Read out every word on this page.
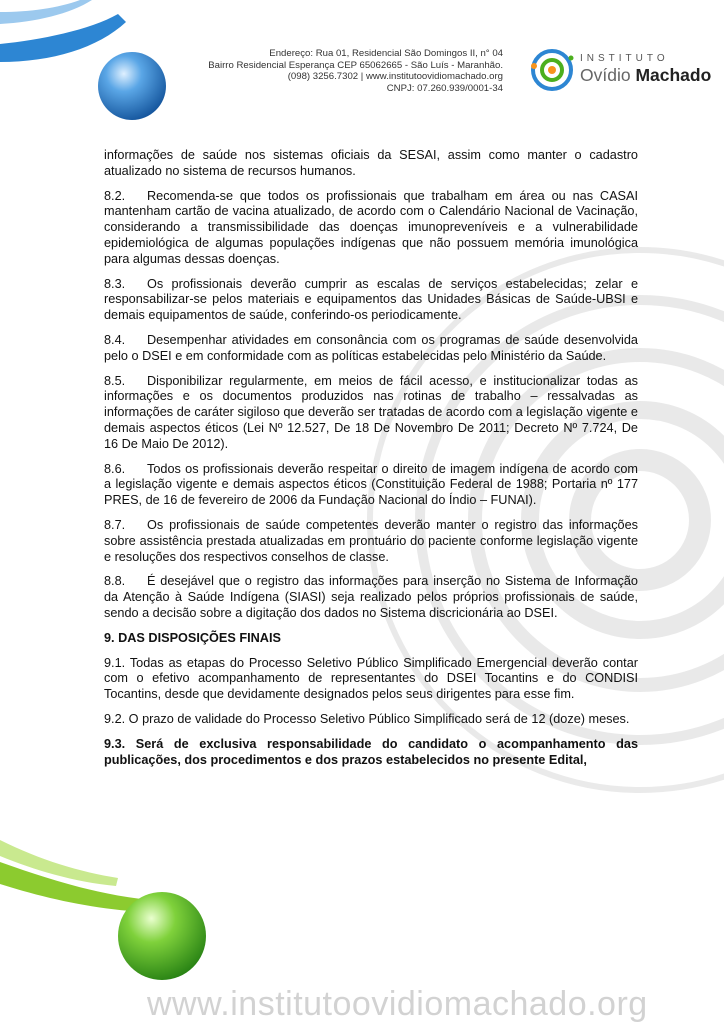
Endereço: Rua 01, Residencial São Domingos II, n° 04
Bairro Residencial Esperança CEP 65062665 - São Luís - Maranhão.
(098) 3256.7302 | www.institutoovidiomachado.org
CNPJ: 07.260.939/0001-34
INSTITUTO
Ovídio Machado

informações de saúde nos sistemas oficiais da SESAI, assim como manter o cadastro atualizado no sistema de recursos humanos.

8.2. Recomenda-se que todos os profissionais que trabalham em área ou nas CASAI mantenham cartão de vacina atualizado, de acordo com o Calendário Nacional de Vacinação, considerando a transmissibilidade das doenças imunopreveníveis e a vulnerabilidade epidemiológica de algumas populações indígenas que não possuem memória imunológica para algumas dessas doenças.

8.3. Os profissionais deverão cumprir as escalas de serviços estabelecidas; zelar e responsabilizar-se pelos materiais e equipamentos das Unidades Básicas de Saúde-UBSI e demais equipamentos de saúde, conferindo-os periodicamente.

8.4. Desempenhar atividades em consonância com os programas de saúde desenvolvida pelo o DSEI e em conformidade com as políticas estabelecidas pelo Ministério da Saúde.

8.5. Disponibilizar regularmente, em meios de fácil acesso, e institucionalizar todas as informações e os documentos produzidos nas rotinas de trabalho – ressalvadas as informações de caráter sigiloso que deverão ser tratadas de acordo com a legislação vigente e demais aspectos éticos (Lei Nº 12.527, De 18 De Novembro De 2011; Decreto Nº 7.724, De 16 De Maio De 2012).

8.6. Todos os profissionais deverão respeitar o direito de imagem indígena de acordo com a legislação vigente e demais aspectos éticos (Constituição Federal de 1988; Portaria nº 177 PRES, de 16 de fevereiro de 2006 da Fundação Nacional do Índio – FUNAI).

8.7. Os profissionais de saúde competentes deverão manter o registro das informações sobre assistência prestada atualizadas em prontuário do paciente conforme legislação vigente e resoluções dos respectivos conselhos de classe.

8.8. É desejável que o registro das informações para inserção no Sistema de Informação da Atenção à Saúde Indígena (SIASI) seja realizado pelos próprios profissionais de saúde, sendo a decisão sobre a digitação dos dados no Sistema discricionária ao DSEI.

9. DAS DISPOSIÇÕES FINAIS

9.1. Todas as etapas do Processo Seletivo Público Simplificado Emergencial deverão contar com o efetivo acompanhamento de representantes do DSEI Tocantins e do CONDISI Tocantins, desde que devidamente designados pelos seus dirigentes para esse fim.

9.2. O prazo de validade do Processo Seletivo Público Simplificado será de 12 (doze) meses.

9.3. Será de exclusiva responsabilidade do candidato o acompanhamento das publicações, dos procedimentos e dos prazos estabelecidos no presente Edital,

www.institutoovidiomachado.org
